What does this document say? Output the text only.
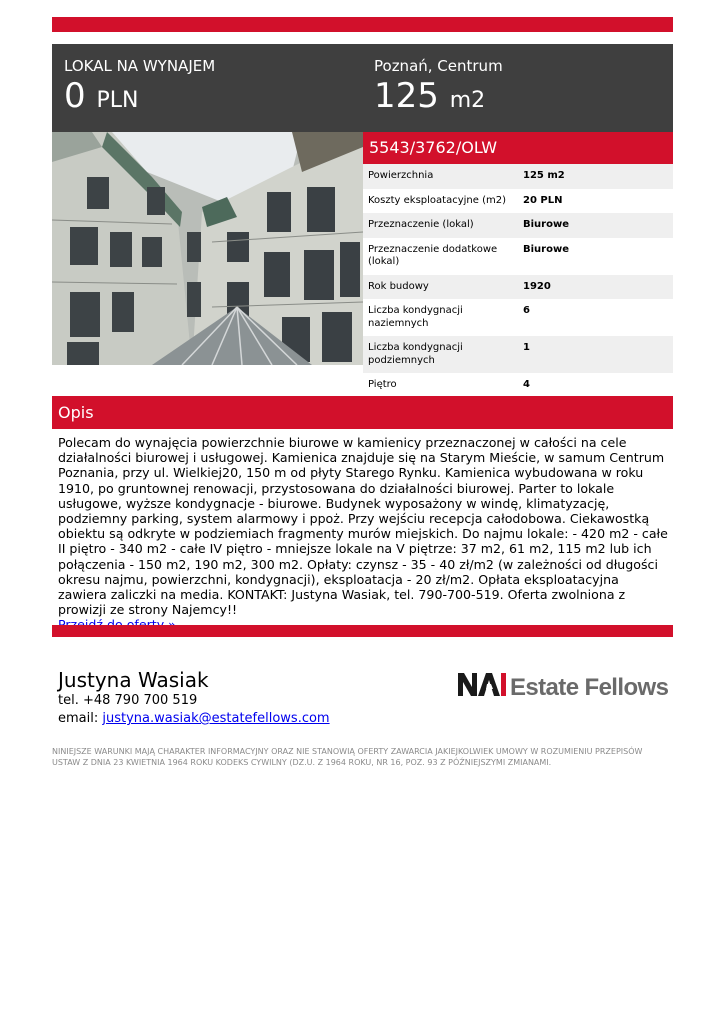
LOKAL NA WYNAJEM
0 PLN
Poznań, Centrum
125 m2
5543/3762/OLW
Powierzchnia	125 m2
Koszty eksploatacyjne (m2)	20 PLN
Przeznaczenie (lokal)	Biurowe
Przeznaczenie dodatkowe (lokal)	Biurowe
Rok budowy	1920
Liczba kondygnacji naziemnych	6
Liczba kondygnacji podziemnych	1
Piętro	4
Opis
Polecam do wynajęcia powierzchnie biurowe w kamienicy przeznaczonej w całości na cele działalności biurowej i usługowej. Kamienica znajduje się na Starym Mieście, w samum Centrum Poznania, przy ul. Wielkiej20, 150 m od płyty Starego Rynku. Kamienica wybudowana w roku 1910, po gruntownej renowacji, przystosowana do działalności biurowej. Parter to lokale usługowe, wyższe kondygnacje - biurowe. Budynek wyposażony w windę, klimatyzację, podziemny parking, system alarmowy i ppoż. Przy wejściu recepcja całodobowa. Ciekawostką obiektu są odkryte w podziemiach fragmenty murów miejskich. Do najmu lokale: - 420 m2 - całe II piętro - 340 m2 - całe IV piętro - mniejsze lokale na V piętrze: 37 m2, 61 m2, 115 m2 lub ich połączenia - 150 m2, 190 m2, 300 m2. Opłaty: czynsz - 35 - 40 zł/m2 (w zależności od długości okresu najmu, powierzchni, kondygnacji), eksploatacja - 20 zł/m2. Opłata eksploatacyjna zawiera zaliczki na media. KONTAKT: Justyna Wasiak, tel. 790-700-519. Oferta zwolniona z prowizji ze strony Najemcy!!

Justyna Wasiak
tel. +48 790 700 519
email: justyna.wasiak@estatefellows.com
Estate Fellows
NINIEJSZE WARUNKI MAJĄ CHARAKTER INFORMACYJNY ORAZ NIE STANOWIĄ OFERTY ZAWARCIA JAKIEJKOLWIEK UMOWY W ROZUMIENIU PRZEPISÓW USTAW Z DNIA 23 KWIETNIA 1964 ROKU KODEKS CYWILNY (DZ.U. Z 1964 ROKU, NR 16, POZ. 93 Z PÓŹNIEJSZYMI ZMIANAMI.
